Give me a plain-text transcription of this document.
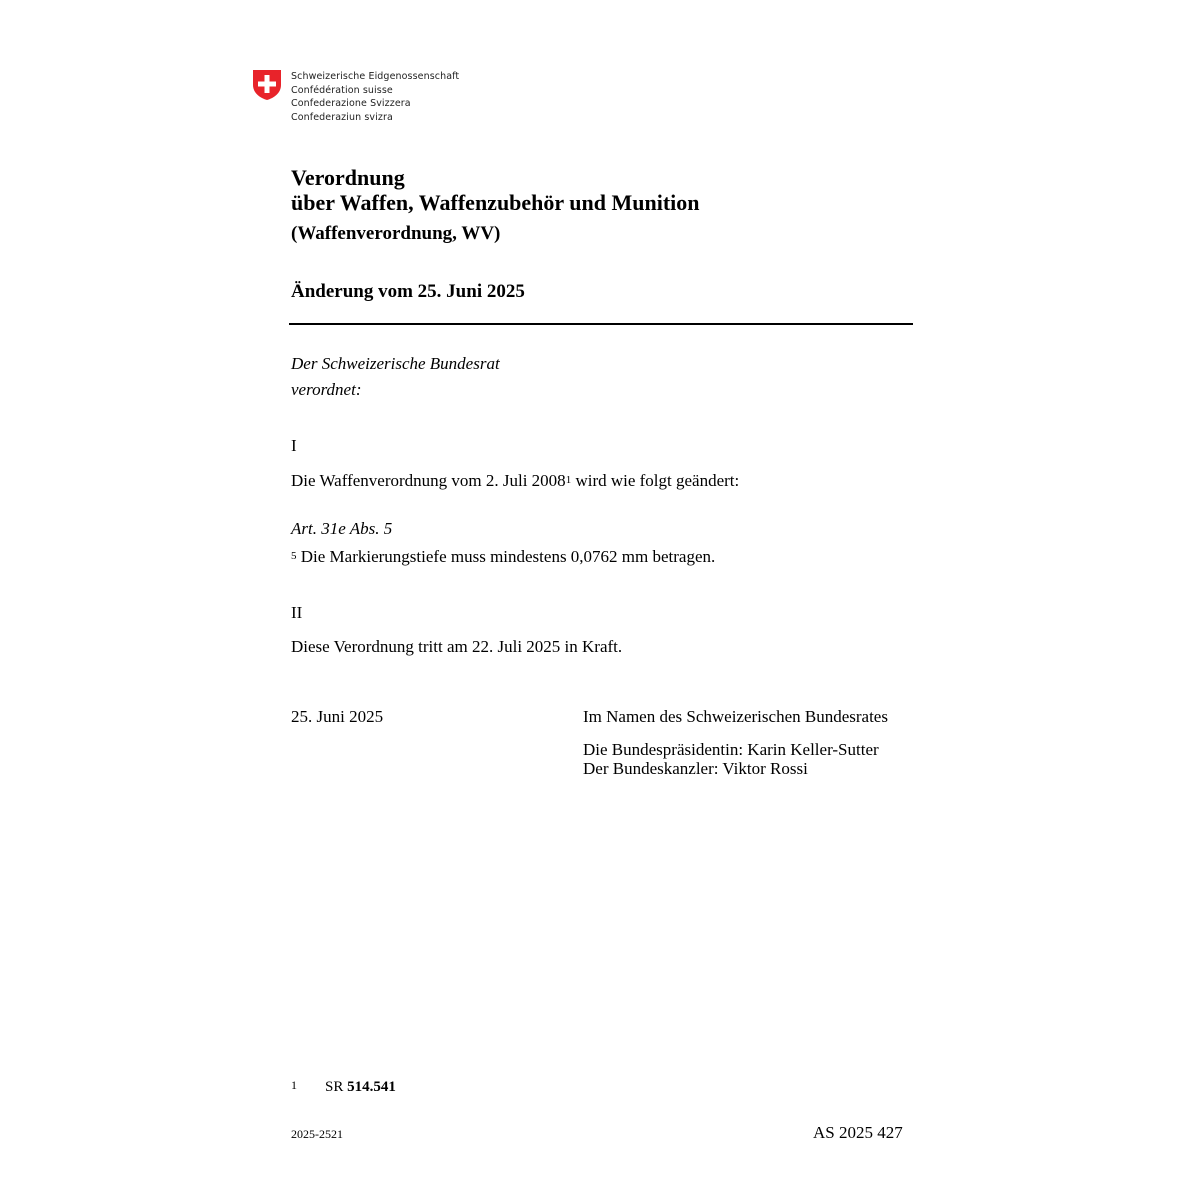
Schweizerische Eidgenossenschaft
Confédération suisse
Confederazione Svizzera
Confederaziun svizra
Verordnung
über Waffen, Waffenzubehör und Munition
(Waffenverordnung, WV)
Änderung vom 25. Juni 2025
Der Schweizerische Bundesrat
verordnet:
I
Die Waffenverordnung vom 2. Juli 2008$^1$ wird wie folgt geändert:
Art. 31e Abs. 5
$^5$ Die Markierungstiefe muss mindestens 0,0762 mm betragen.
II
Diese Verordnung tritt am 22. Juli 2025 in Kraft.
25. Juni 2025	Im Namen des Schweizerischen Bundesrates
Die Bundespräsidentin: Karin Keller-Sutter
Der Bundeskanzler: Viktor Rossi
1 SR 514.541
2025-2521	AS 2025 427
